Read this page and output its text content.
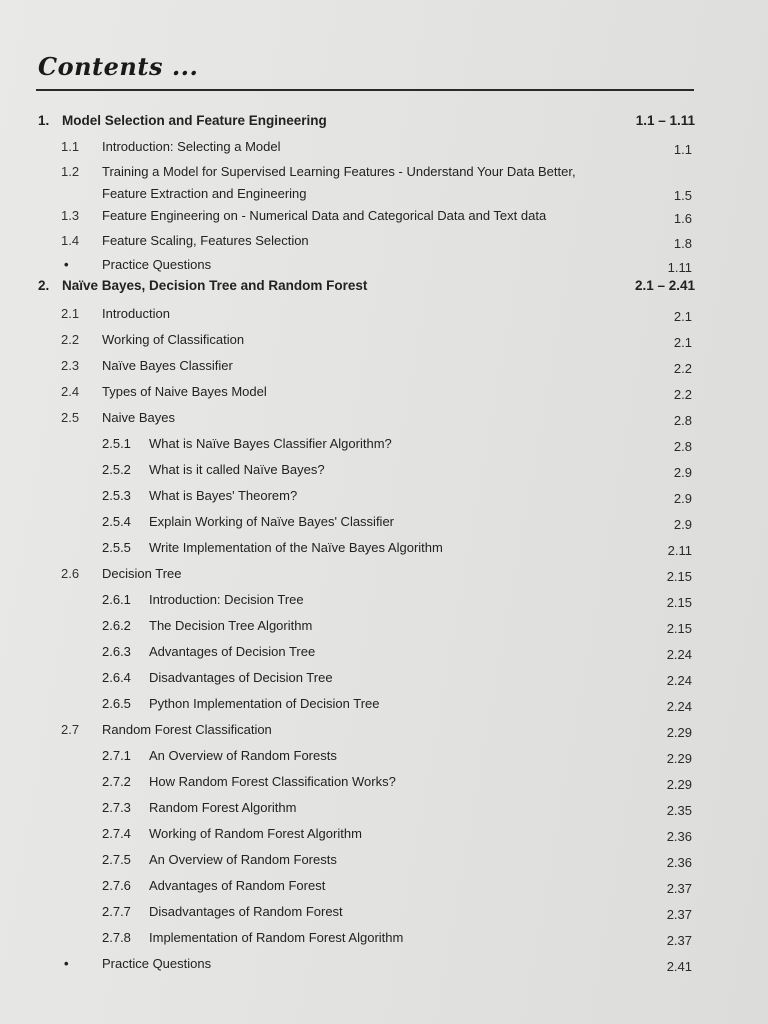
Contents ...
1. Model Selection and Feature Engineering	1.1 – 1.11
1.1 Introduction: Selecting a Model	1.1
1.2 Training a Model for Supervised Learning Features - Understand Your Data Better,
Feature Extraction and Engineering	1.5
1.3 Feature Engineering on - Numerical Data and Categorical Data and Text data	1.6
1.4 Feature Scaling, Features Selection	1.8
•	Practice Questions	1.11
2. Naïve Bayes, Decision Tree and Random Forest	2.1 – 2.41
2.1 Introduction	2.1
2.2 Working of Classification	2.1
2.3 Naïve Bayes Classifier	2.2
2.4 Types of Naive Bayes Model	2.2
2.5 Naive Bayes	2.8
2.5.1 What is Naïve Bayes Classifier Algorithm?	2.8
2.5.2 What is it called Naïve Bayes?	2.9
2.5.3 What is Bayes' Theorem?	2.9
2.5.4 Explain Working of Naïve Bayes' Classifier	2.9
2.5.5 Write Implementation of the Naïve Bayes Algorithm	2.11
2.6 Decision Tree	2.15
2.6.1 Introduction: Decision Tree	2.15
2.6.2 The Decision Tree Algorithm	2.15
2.6.3 Advantages of Decision Tree	2.24
2.6.4 Disadvantages of Decision Tree	2.24
2.6.5 Python Implementation of Decision Tree	2.24
2.7 Random Forest Classification	2.29
2.7.1 An Overview of Random Forests	2.29
2.7.2 How Random Forest Classification Works?	2.29
2.7.3 Random Forest Algorithm	2.35
2.7.4 Working of Random Forest Algorithm	2.36
2.7.5 An Overview of Random Forests	2.36
2.7.6 Advantages of Random Forest	2.37
2.7.7 Disadvantages of Random Forest	2.37
2.7.8 Implementation of Random Forest Algorithm	2.37
•	Practice Questions	2.41
